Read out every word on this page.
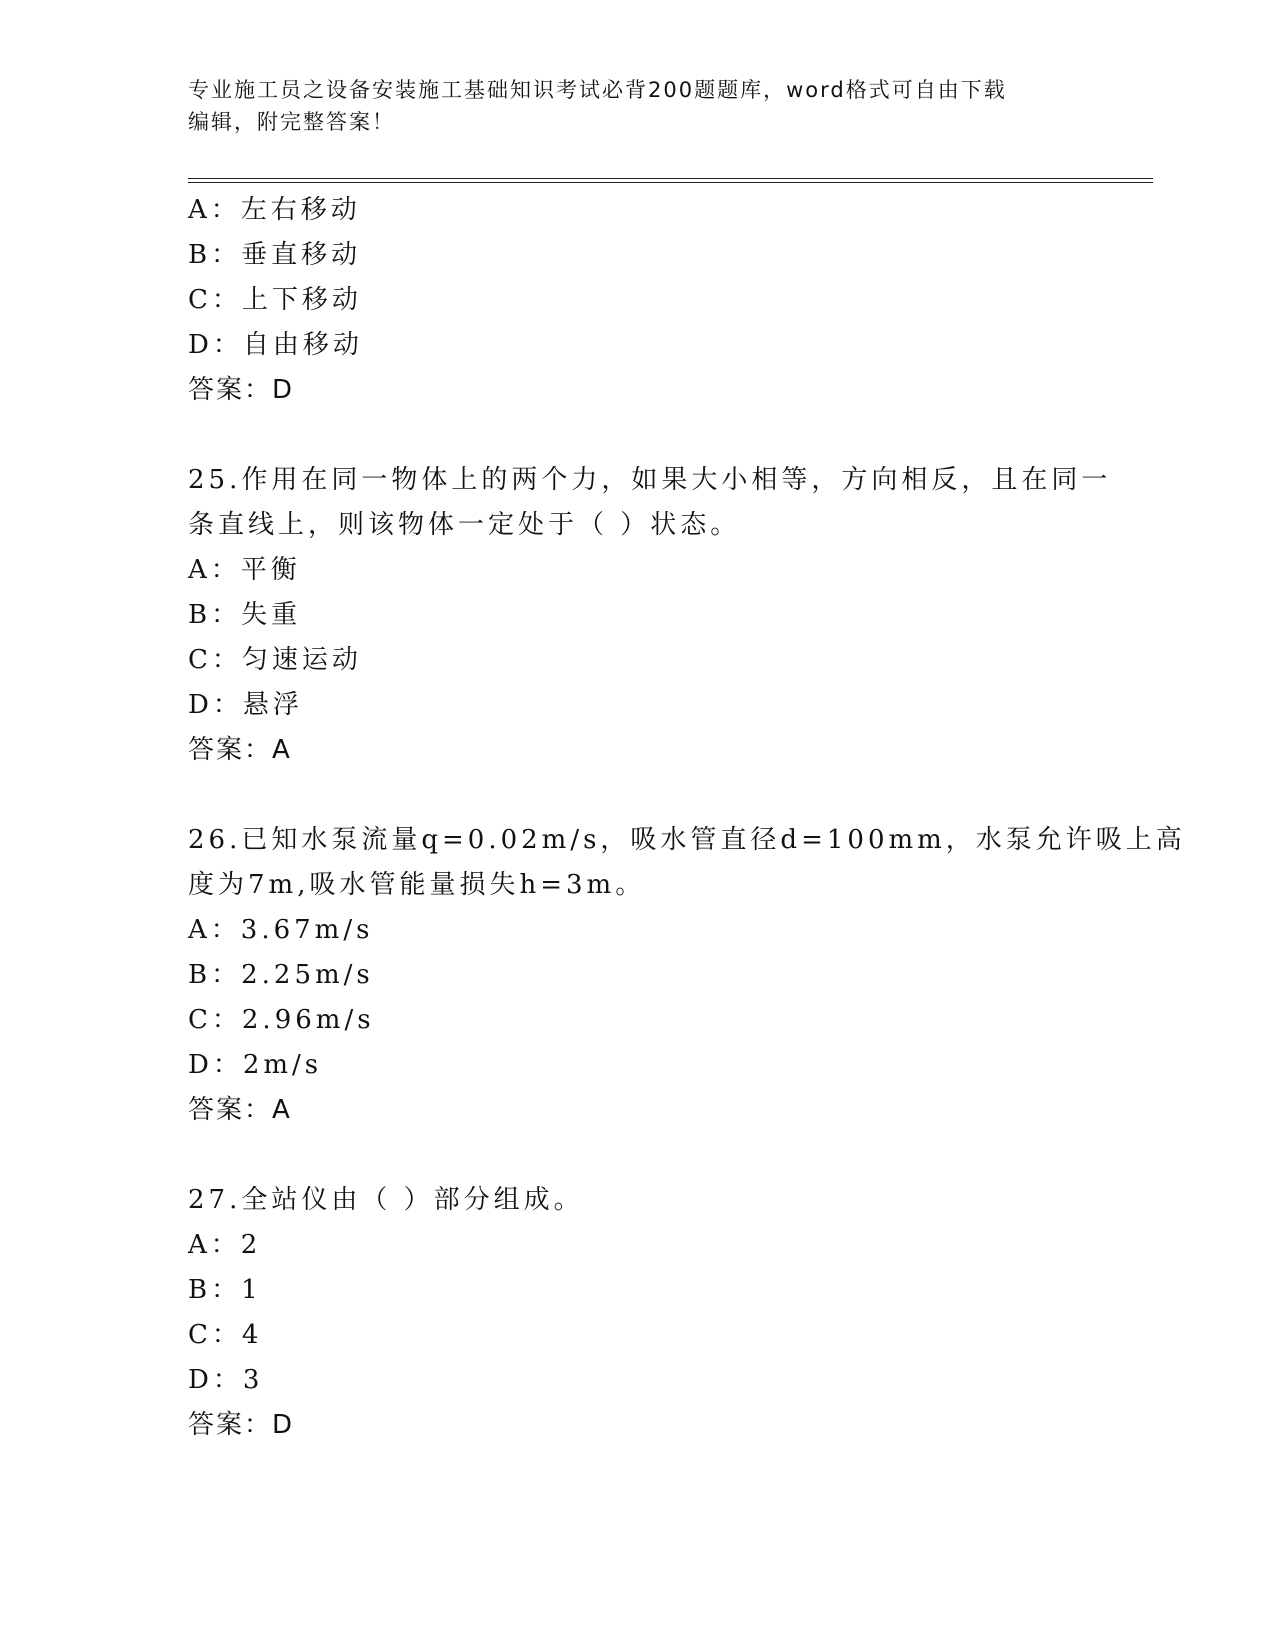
专业施工员之设备安装施工基础知识考试必背200题题库，word格式可自由下载
编辑，附完整答案！
A：左右移动
B：垂直移动
C：上下移动
D：自由移动
答案：D
25.作用在同一物体上的两个力，如果大小相等，方向相反，且在同一
条直线上，则该物体一定处于（ ）状态。
A：平衡
B：失重
C：匀速运动
D：悬浮
答案：A
26.已知水泵流量q=0.02m/s，吸水管直径d=100mm，水泵允许吸上高
度为7m,吸水管能量损失h=3m。
A：3.67m/s
B：2.25m/s
C：2.96m/s
D：2m/s
答案：A
27.全站仪由（ ）部分组成。
A：2
B：1
C：4
D：3
答案：D
